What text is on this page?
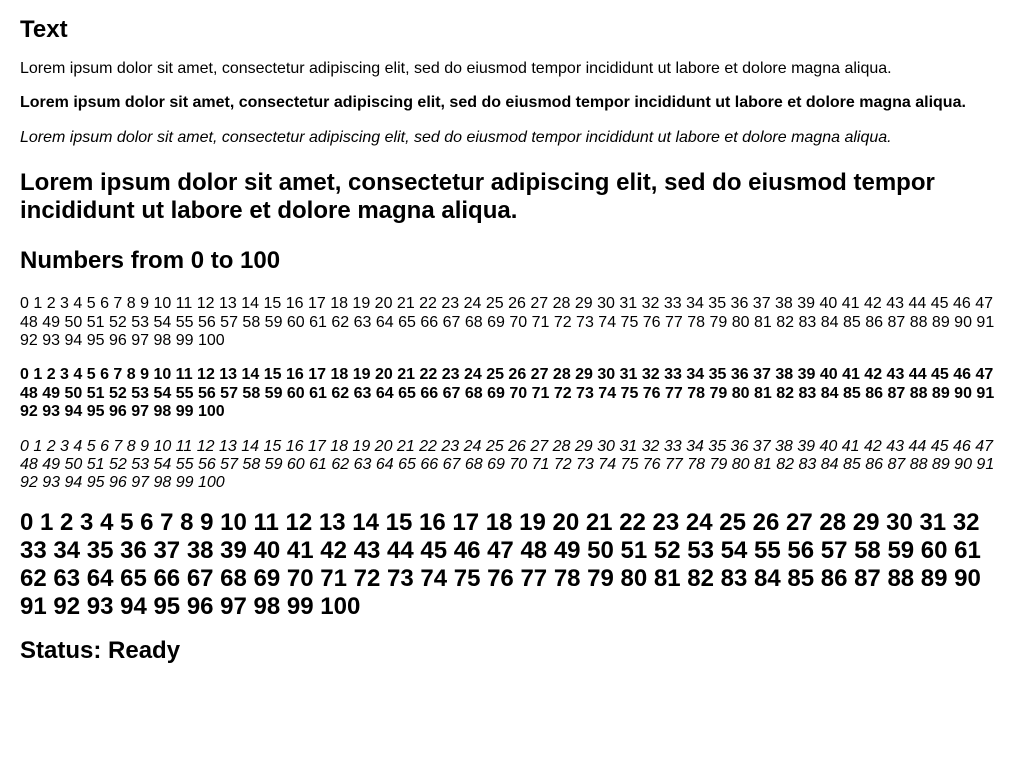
Text

Lorem ipsum dolor sit amet, consectetur adipiscing elit, sed do eiusmod tempor incididunt ut labore et dolore magna aliqua.

Lorem ipsum dolor sit amet, consectetur adipiscing elit, sed do eiusmod tempor incididunt ut labore et dolore magna aliqua.

Lorem ipsum dolor sit amet, consectetur adipiscing elit, sed do eiusmod tempor incididunt ut labore et dolore magna aliqua.

Lorem ipsum dolor sit amet, consectetur adipiscing elit, sed do eiusmod tempor incididunt ut labore et dolore magna aliqua.
Numbers from 0 to 100

0 1 2 3 4 5 6 7 8 9 10 11 12 13 14 15 16 17 18 19 20 21 22 23 24 25 26 27 28 29 30 31 32 33 34 35 36 37 38 39 40 41 42 43 44 45 46 47 48 49 50 51 52 53 54 55 56 57 58 59 60 61 62 63 64 65 66 67 68 69 70 71 72 73 74 75 76 77 78 79 80 81 82 83 84 85 86 87 88 89 90 91 92 93 94 95 96 97 98 99 100

0 1 2 3 4 5 6 7 8 9 10 11 12 13 14 15 16 17 18 19 20 21 22 23 24 25 26 27 28 29 30 31 32 33 34 35 36 37 38 39 40 41 42 43 44 45 46 47 48 49 50 51 52 53 54 55 56 57 58 59 60 61 62 63 64 65 66 67 68 69 70 71 72 73 74 75 76 77 78 79 80 81 82 83 84 85 86 87 88 89 90 91 92 93 94 95 96 97 98 99 100

0 1 2 3 4 5 6 7 8 9 10 11 12 13 14 15 16 17 18 19 20 21 22 23 24 25 26 27 28 29 30 31 32 33 34 35 36 37 38 39 40 41 42 43 44 45 46 47 48 49 50 51 52 53 54 55 56 57 58 59 60 61 62 63 64 65 66 67 68 69 70 71 72 73 74 75 76 77 78 79 80 81 82 83 84 85 86 87 88 89 90 91 92 93 94 95 96 97 98 99 100

0 1 2 3 4 5 6 7 8 9 10 11 12 13 14 15 16 17 18 19 20 21 22 23 24 25 26 27 28 29 30 31 32 33 34 35 36 37 38 39 40 41 42 43 44 45 46 47 48 49 50 51 52 53 54 55 56 57 58 59 60 61 62 63 64 65 66 67 68 69 70 71 72 73 74 75 76 77 78 79 80 81 82 83 84 85 86 87 88 89 90 91 92 93 94 95 96 97 98 99 100

Status: Ready
